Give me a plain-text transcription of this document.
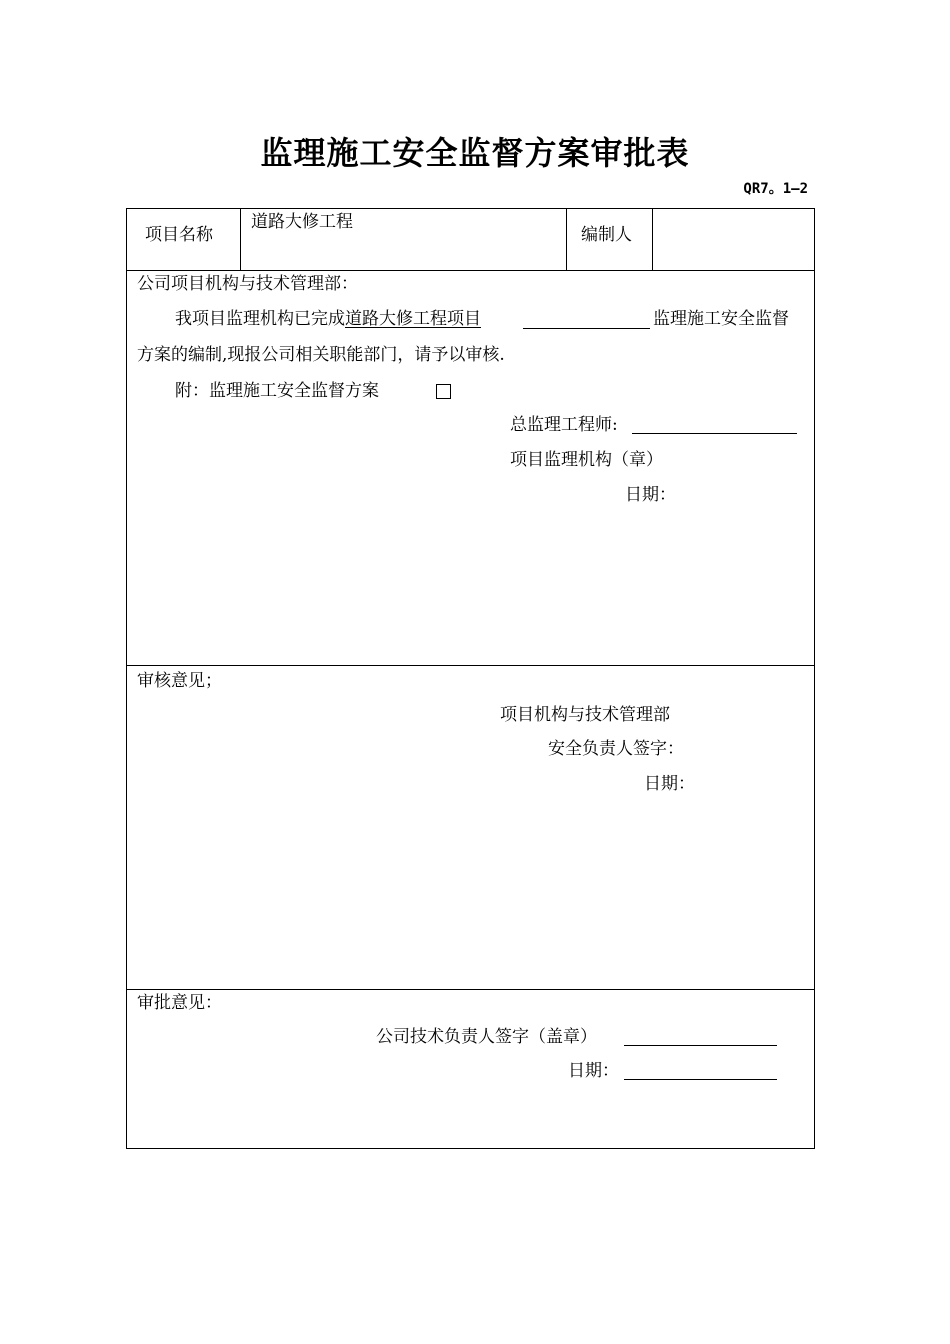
监理施工安全监督方案审批表
QR7。1—2
项目名称
道路大修工程
编制人
公司项目机构与技术管理部：
我项目监理机构已完成道路大修工程项目	监理施工安全监督
方案的编制,现报公司相关职能部门，请予以审核.
附：监理施工安全监督方案
总监理工程师:
项目监理机构（章）
日期：
审核意见；
项目机构与技术管理部
安全负责人签字：
日期：
审批意见：
公司技术负责人签字（盖章）
日期：
